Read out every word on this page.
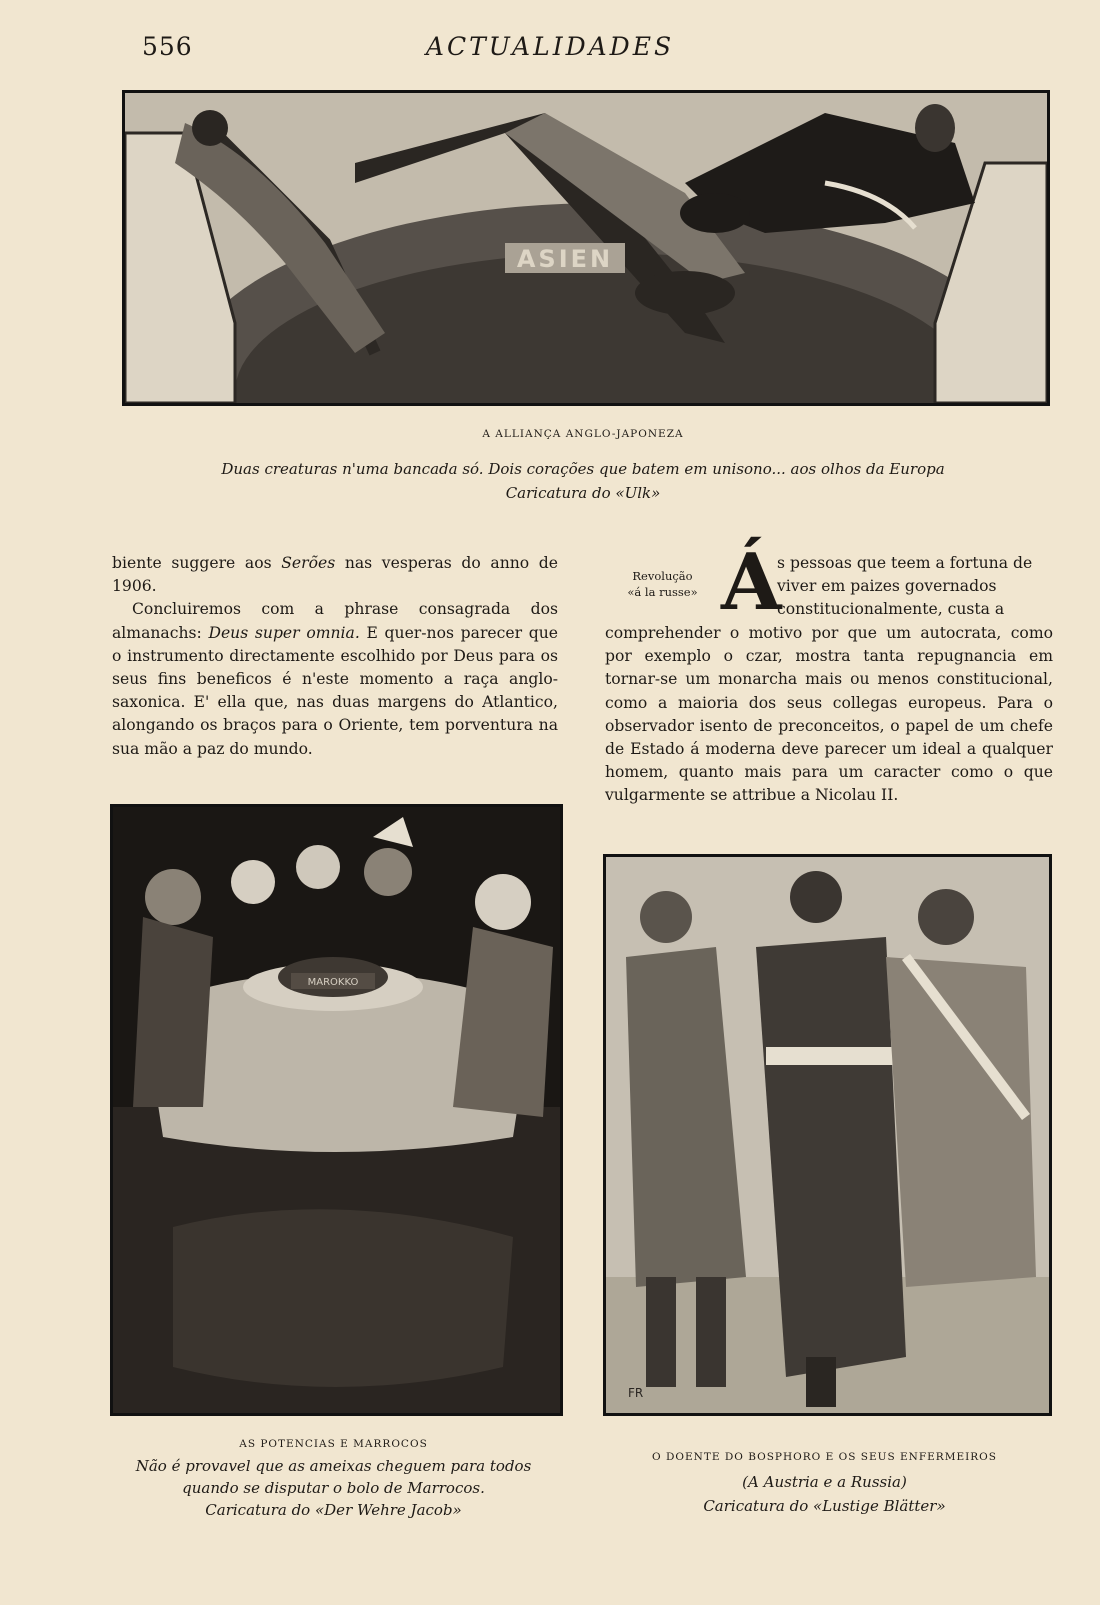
556	ACTUALIDADES
ASIEN
A ALLIANÇA ANGLO-JAPONEZA
Duas creaturas n'uma bancada só. Dois corações que batem em unisono... aos olhos da Europa
Caricatura do «Ulk»

biente suggere aos Serões nas vesperas do anno de 1906.

Concluiremos com a phrase consagrada dos almanachs: Deus super omnia. E quer-nos parecer que o instrumento directamente escolhido por Deus para os seus fins beneficos é n'este momento a raça anglo-saxonica. E' ella que, nas duas margens do Atlantico, alongando os braços para o Oriente, tem porventura na sua mão a paz do mundo.

Revolução
«á la russe» Á
s pessoas que teem a fortuna de
viver em paizes governados
constitucionalmente, custa a
comprehender o motivo por que um autocrata, como por exemplo o czar, mostra tanta repugnancia em tornar-se um monarcha mais ou menos constitucional, como a maioria dos seus collegas europeus. Para o observador isento de preconceitos, o papel de um chefe de Estado á moderna deve parecer um ideal a qualquer homem, quanto mais para um caracter como o que vulgarmente se attribue a Nicolau II.
MAROKKO
AS POTENCIAS E MARROCOS
Não é provavel que as ameixas cheguem para todos
quando se disputar o bolo de Marrocos.
Caricatura do «Der Wehre Jacob»
FR
O DOENTE DO BOSPHORO E OS SEUS ENFERMEIROS
(A Austria e a Russia)
Caricatura do «Lustige Blätter»
